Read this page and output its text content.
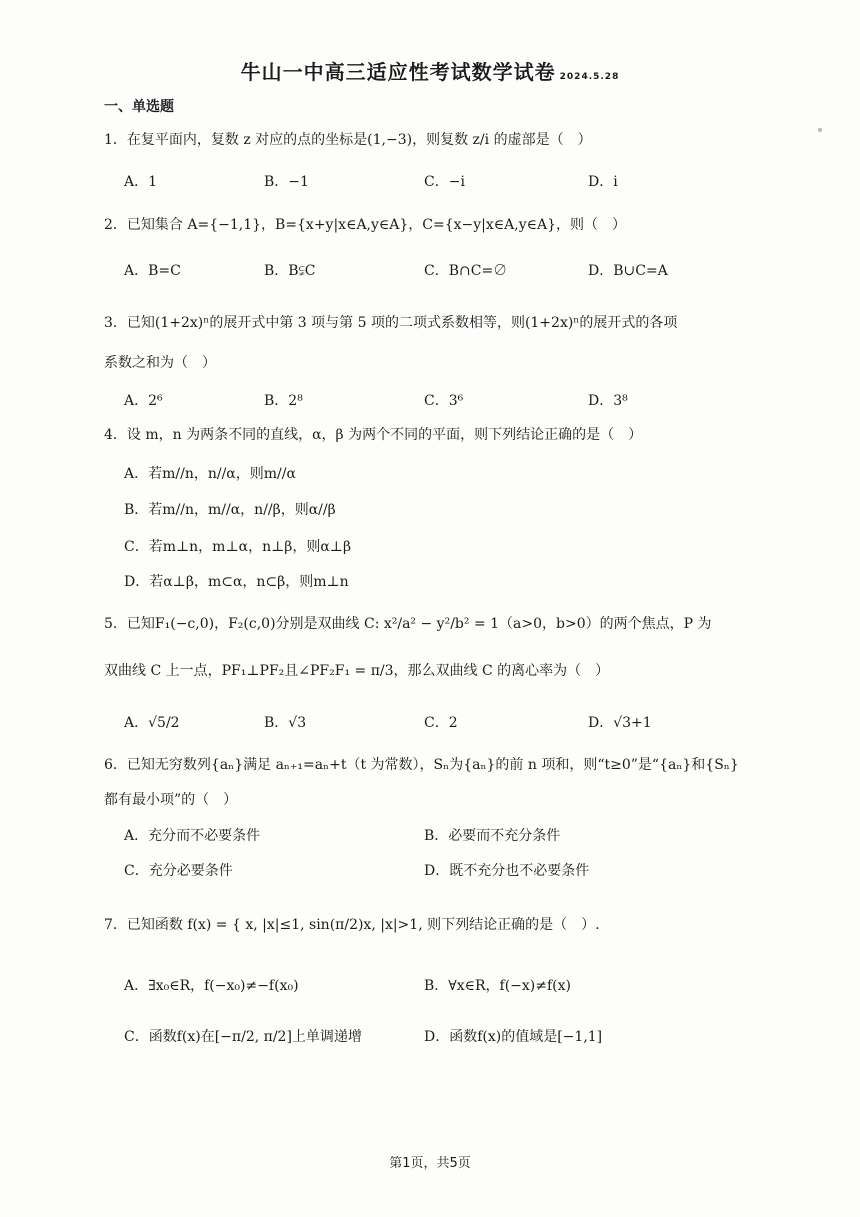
牛山一中高三适应性考试数学试卷 2024.5.28
一、单选题
1．在复平面内，复数 z 对应的点的坐标是(1,−3)，则复数 z/i 的虚部是（　）
A．1	B．−1	C．−i	D．i
2．已知集合 A={−1,1}，B={x+y|x∈A,y∈A}，C={x−y|x∈A,y∈A}，则（　）
A．B=C	B．B⫋C	C．B∩C=∅	D．B∪C=A
3．已知(1+2x)ⁿ的展开式中第 3 项与第 5 项的二项式系数相等，则(1+2x)ⁿ的展开式的各项
系数之和为（　）
A．2⁶	B．2⁸	C．3⁶	D．3⁸
4．设 m，n 为两条不同的直线，α，β 为两个不同的平面，则下列结论正确的是（　）
A．若m//n，n//α，则m//α
B．若m//n，m//α，n//β，则α//β
C．若m⊥n，m⊥α，n⊥β，则α⊥β
D．若α⊥β，m⊂α，n⊂β，则m⊥n
5．已知F₁(−c,0)，F₂(c,0)分别是双曲线 C: x²/a² − y²/b² = 1（a>0，b>0）的两个焦点，P 为
双曲线 C 上一点，PF₁⊥PF₂且∠PF₂F₁ = π/3，那么双曲线 C 的离心率为（　）
A．√5/2	B．√3	C．2	D．√3+1
6．已知无穷数列{aₙ}满足 aₙ₊₁=aₙ+t（t 为常数），Sₙ为{aₙ}的前 n 项和，则“t≥0”是“{aₙ}和{Sₙ}
都有最小项”的（　）
A．充分而不必要条件	B．必要而不充分条件
C．充分必要条件	D．既不充分也不必要条件
7．已知函数 f(x) = { x, |x|≤1, sin(π/2)x, |x|>1, 则下列结论正确的是（　）.
A．∃x₀∈R，f(−x₀)≠−f(x₀)	B．∀x∈R，f(−x)≠f(x)
C．函数f(x)在[−π/2, π/2]上单调递增	D．函数f(x)的值域是[−1,1]
第1页，共5页
